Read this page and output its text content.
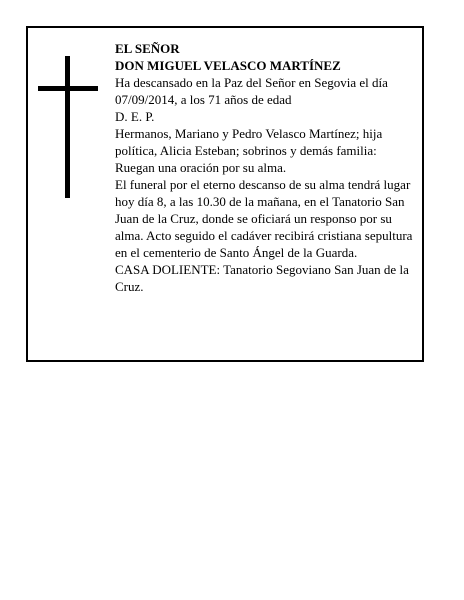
EL SEÑOR

DON MIGUEL VELASCO MARTÍNEZ

Ha descansado en la Paz del Señor en Segovia el día 07/09/2014, a los 71 años de edad

D. E. P.

Hermanos, Mariano y Pedro Velasco Martínez; hija política, Alicia Esteban; sobrinos y demás familia:

Ruegan una oración por su alma.

El funeral por el eterno descanso de su alma tendrá lugar hoy día 8, a las 10.30 de la mañana, en el Tanatorio San Juan de la Cruz, donde se oficiará un responso por su alma. Acto seguido el cadáver recibirá cristiana sepultura en el cementerio de Santo Ángel de la Guarda.

CASA DOLIENTE: Tanatorio Segoviano San Juan de la Cruz.
